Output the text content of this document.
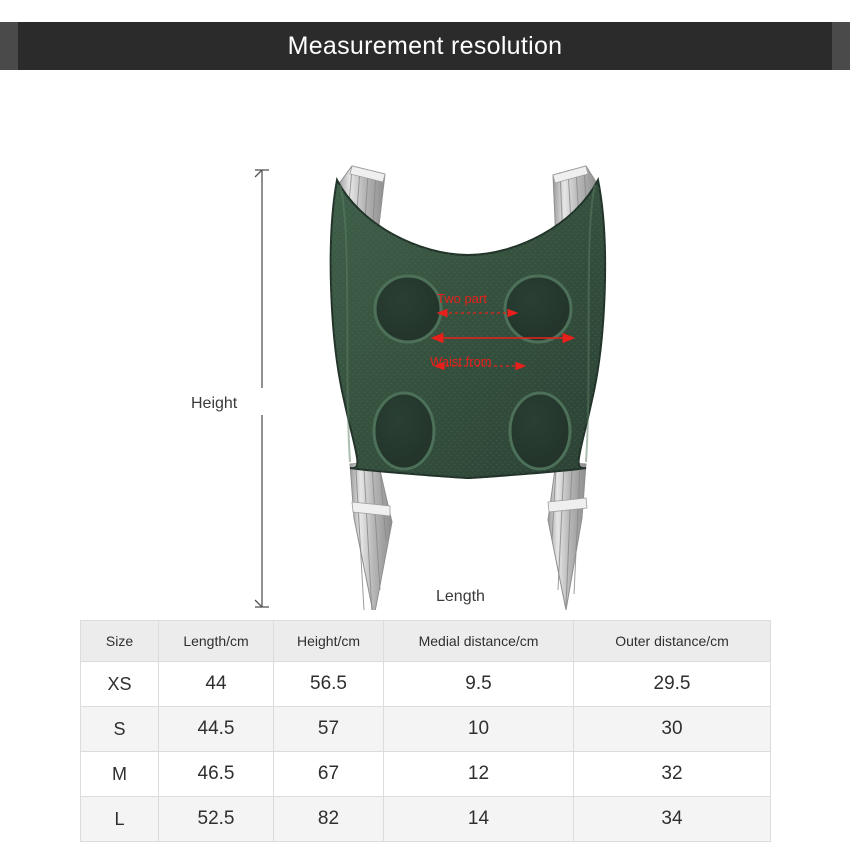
Measurement resolution
Height
Length
Two part
Waist from
Size	Length/cm	Height/cm	Medial distance/cm	Outer distance/cm
XS	44	56.5	9.5	29.5
S	44.5	57	10	30
M	46.5	67	12	32
L	52.5	82	14	34
